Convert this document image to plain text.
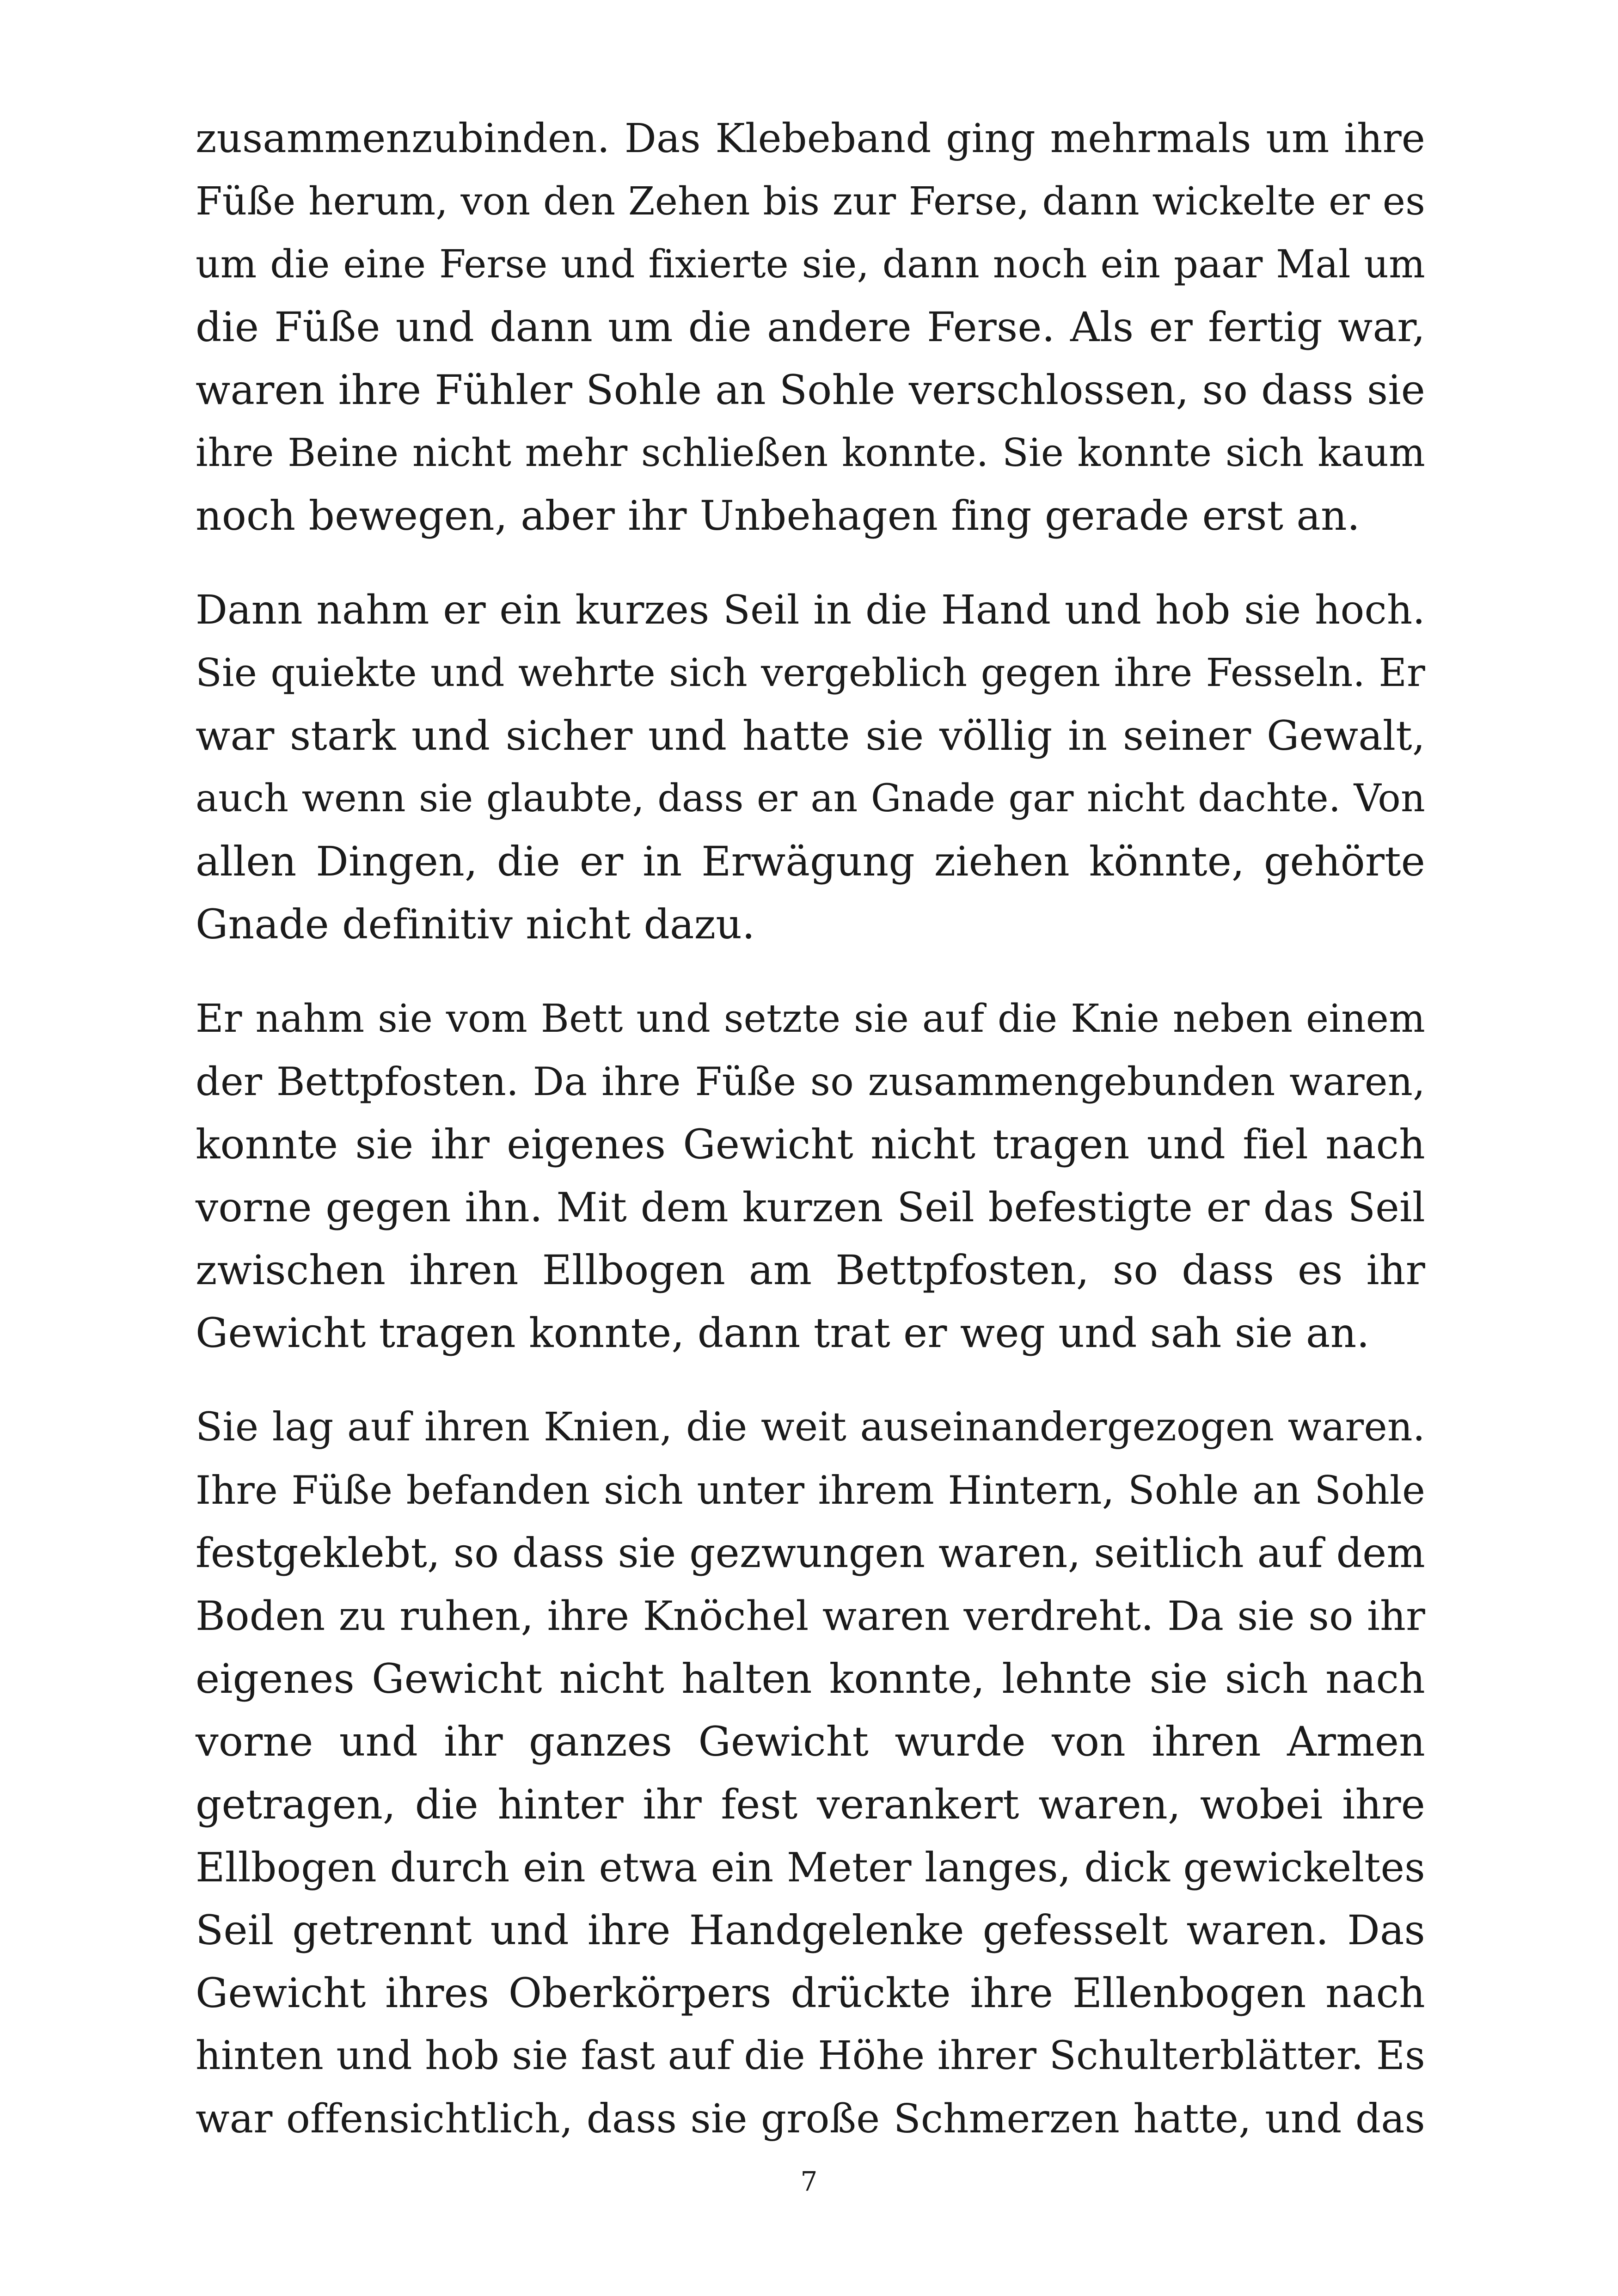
zusammenzubinden. Das Klebeband ging mehrmals um ihre
Füße herum, von den Zehen bis zur Ferse, dann wickelte er es
um die eine Ferse und fixierte sie, dann noch ein paar Mal um
die Füße und dann um die andere Ferse. Als er fertig war,
waren ihre Fühler Sohle an Sohle verschlossen, so dass sie
ihre Beine nicht mehr schließen konnte. Sie konnte sich kaum
noch bewegen, aber ihr Unbehagen fing gerade erst an.
Dann nahm er ein kurzes Seil in die Hand und hob sie hoch.
Sie quiekte und wehrte sich vergeblich gegen ihre Fesseln. Er
war stark und sicher und hatte sie völlig in seiner Gewalt,
auch wenn sie glaubte, dass er an Gnade gar nicht dachte. Von
allen Dingen, die er in Erwägung ziehen könnte, gehörte
Gnade definitiv nicht dazu.
Er nahm sie vom Bett und setzte sie auf die Knie neben einem
der Bettpfosten. Da ihre Füße so zusammengebunden waren,
konnte sie ihr eigenes Gewicht nicht tragen und fiel nach
vorne gegen ihn. Mit dem kurzen Seil befestigte er das Seil
zwischen ihren Ellbogen am Bettpfosten, so dass es ihr
Gewicht tragen konnte, dann trat er weg und sah sie an.
Sie lag auf ihren Knien, die weit auseinandergezogen waren.
Ihre Füße befanden sich unter ihrem Hintern, Sohle an Sohle
festgeklebt, so dass sie gezwungen waren, seitlich auf dem
Boden zu ruhen, ihre Knöchel waren verdreht. Da sie so ihr
eigenes Gewicht nicht halten konnte, lehnte sie sich nach
vorne und ihr ganzes Gewicht wurde von ihren Armen
getragen, die hinter ihr fest verankert waren, wobei ihre
Ellbogen durch ein etwa ein Meter langes, dick gewickeltes
Seil getrennt und ihre Handgelenke gefesselt waren. Das
Gewicht ihres Oberkörpers drückte ihre Ellenbogen nach
hinten und hob sie fast auf die Höhe ihrer Schulterblätter. Es
war offensichtlich, dass sie große Schmerzen hatte, und das
7
